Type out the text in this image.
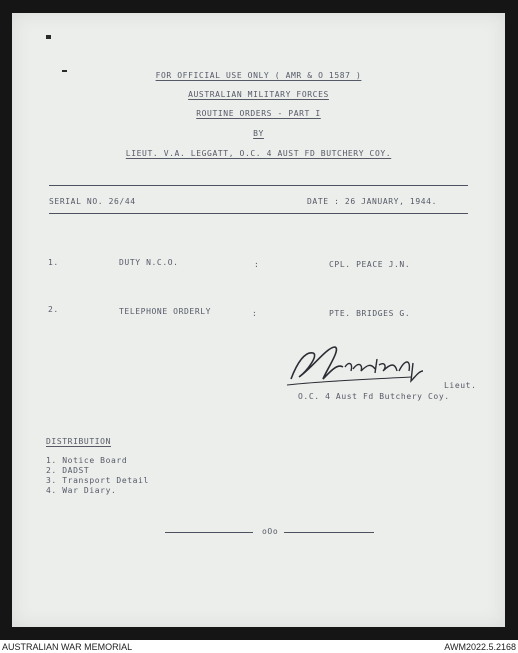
FOR OFFICIAL USE ONLY ( AMR & O 1587 )
AUSTRALIAN MILITARY FORCES
ROUTINE ORDERS - PART I
BY
LIEUT. V.A. LEGGATT, O.C. 4 AUST FD BUTCHERY COY.
SERIAL NO. 26/44	DATE : 26 JANUARY, 1944.
1.	DUTY N.C.O.	:	CPL. PEACE J.N.
2.	TELEPHONE ORDERLY	:	PTE. BRIDGES G.
Lieut.
O.C. 4 Aust Fd Butchery Coy.
DISTRIBUTION
1. Notice Board
2. DADST
3. Transport Detail
4. War Diary.
oOo
AUSTRALIAN WAR MEMORIAL	AWM2022.5.2168
